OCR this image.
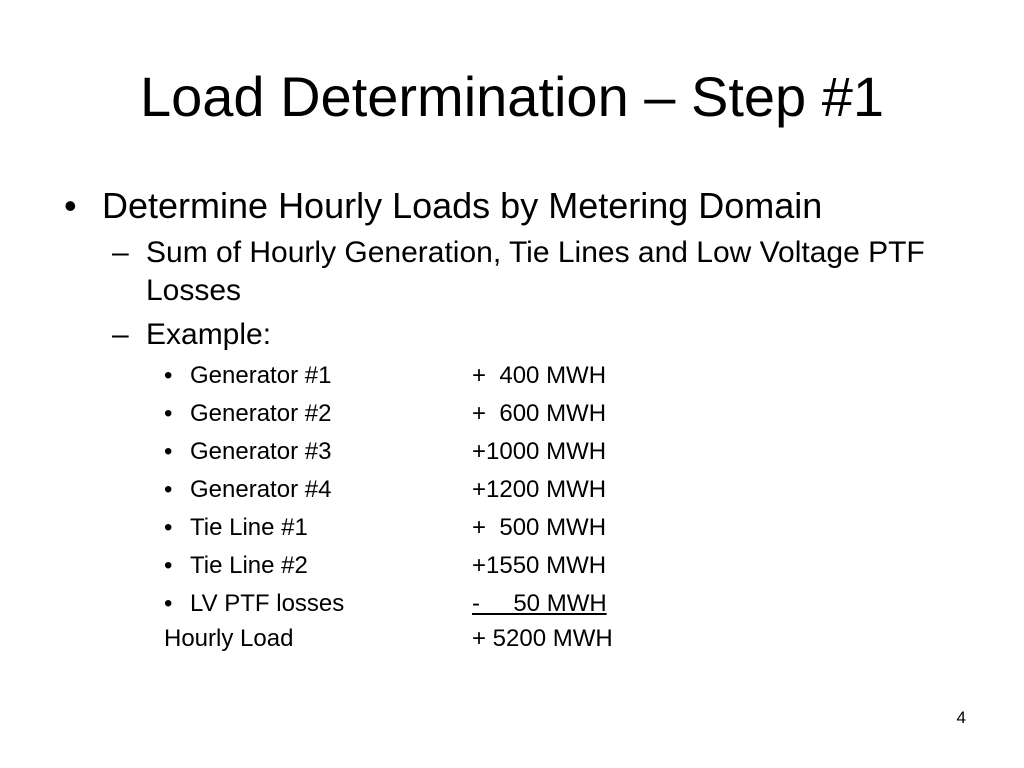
Load Determination – Step #1
• Determine Hourly Loads by Metering Domain
– Sum of Hourly Generation, Tie Lines and Low Voltage PTF Losses
– Example:
• Generator #1	+  400 MWH
• Generator #2	+  600 MWH
• Generator #3	+1000 MWH
• Generator #4	+1200 MWH
• Tie Line #1	+  500 MWH
• Tie Line #2	+1550 MWH
• LV PTF losses	-     50 MWH
Hourly Load	+ 5200 MWH
4
